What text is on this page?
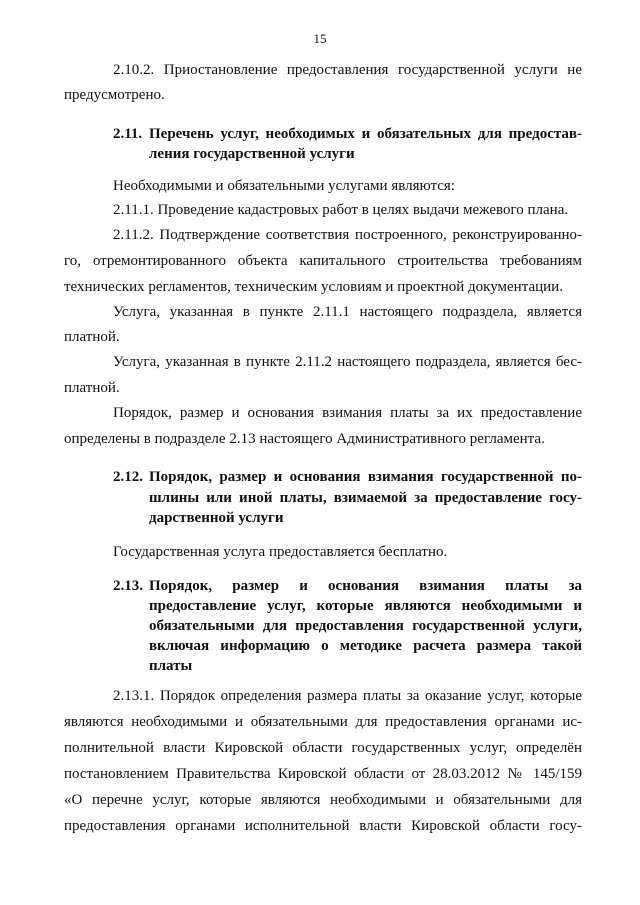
15
2.10.2. Приостановление предоставления государственной услуги не
предусмотрено.
2.11. Перечень услуг, необходимых и обязательных для предостав-
ления государственной услуги
Необходимыми и обязательными услугами являются:
2.11.1. Проведение кадастровых работ в целях выдачи межевого плана.
2.11.2. Подтверждение соответствия построенного, реконструированно-
го, отремонтированного объекта капитального строительства требованиям
технических регламентов, техническим условиям и проектной документации.
Услуга, указанная в пункте 2.11.1 настоящего подраздела, является
платной.
Услуга, указанная в пункте 2.11.2 настоящего подраздела, является бес-
платной.
Порядок, размер и основания взимания платы за их предоставление
определены в подразделе 2.13 настоящего Административного регламента.
2.12. Порядок, размер и основания взимания государственной по-
шлины или иной платы, взимаемой за предоставление госу-
дарственной услуги
Государственная услуга предоставляется бесплатно.
2.13. Порядок, размер и основания взимания платы за
предоставление услуг, которые являются необходимыми и
обязательными для предоставления государственной услуги,
включая информацию о методике расчета размера такой
платы
2.13.1. Порядок определения размера платы за оказание услуг, которые
являются необходимыми и обязательными для предоставления органами ис-
полнительной власти Кировской области государственных услуг, определён
постановлением Правительства Кировской области от 28.03.2012 № 145/159
«О перечне услуг, которые являются необходимыми и обязательными для
предоставления органами исполнительной власти Кировской области госу-
